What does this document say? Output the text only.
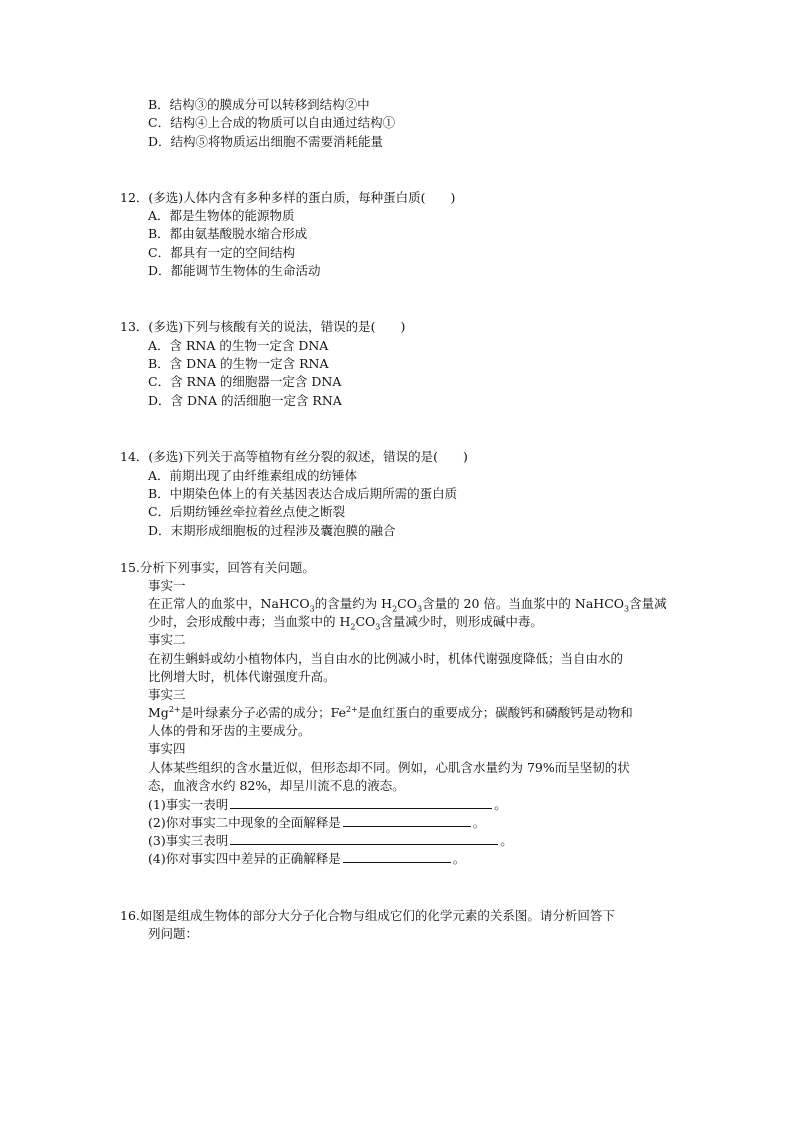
B．结构③的膜成分可以转移到结构②中
C．结构④上合成的物质可以自由通过结构①
D．结构⑤将物质运出细胞不需要消耗能量
12．(多选)人体内含有多种多样的蛋白质，每种蛋白质(　　)
A．都是生物体的能源物质
B．都由氨基酸脱水缩合形成
C．都具有一定的空间结构
D．都能调节生物体的生命活动
13．(多选)下列与核酸有关的说法，错误的是(　　)
A．含 RNA 的生物一定含 DNA
B．含 DNA 的生物一定含 RNA
C．含 RNA 的细胞器一定含 DNA
D．含 DNA 的活细胞一定含 RNA
14．(多选)下列关于高等植物有丝分裂的叙述，错误的是(　　)
A．前期出现了由纤维素组成的纺锤体
B．中期染色体上的有关基因表达合成后期所需的蛋白质
C．后期纺锤丝牵拉着丝点使之断裂
D．末期形成细胞板的过程涉及囊泡膜的融合
15.分析下列事实，回答有关问题。
事实一
在正常人的血浆中，NaHCO$_3$的含量约为 $H_2CO_3$含量的 20 倍。当血浆中的 NaHCO$_3$含量减
少时，会形成酸中毒；当血浆中的 $H_2CO_3$含量减少时，则形成碱中毒。
事实二
在初生蝌蚪或幼小植物体内，当自由水的比例减小时，机体代谢强度降低；当自由水的
比例增大时，机体代谢强度升高。
事实三
$Mg^{2+}$是叶绿素分子必需的成分；$Fe^{2+}$是血红蛋白的重要成分；碳酸钙和磷酸钙是动物和
人体的骨和牙齿的主要成分。
事实四
人体某些组织的含水量近似，但形态却不同。例如，心肌含水量约为 79%而呈坚韧的状
态，血液含水约 82%，却呈川流不息的液态。
(1)事实一表明	。
(2)你对事实二中现象的全面解释是	。
(3)事实三表明	。
(4)你对事实四中差异的正确解释是	。
16.如图是组成生物体的部分大分子化合物与组成它们的化学元素的关系图。请分析回答下
列问题：
